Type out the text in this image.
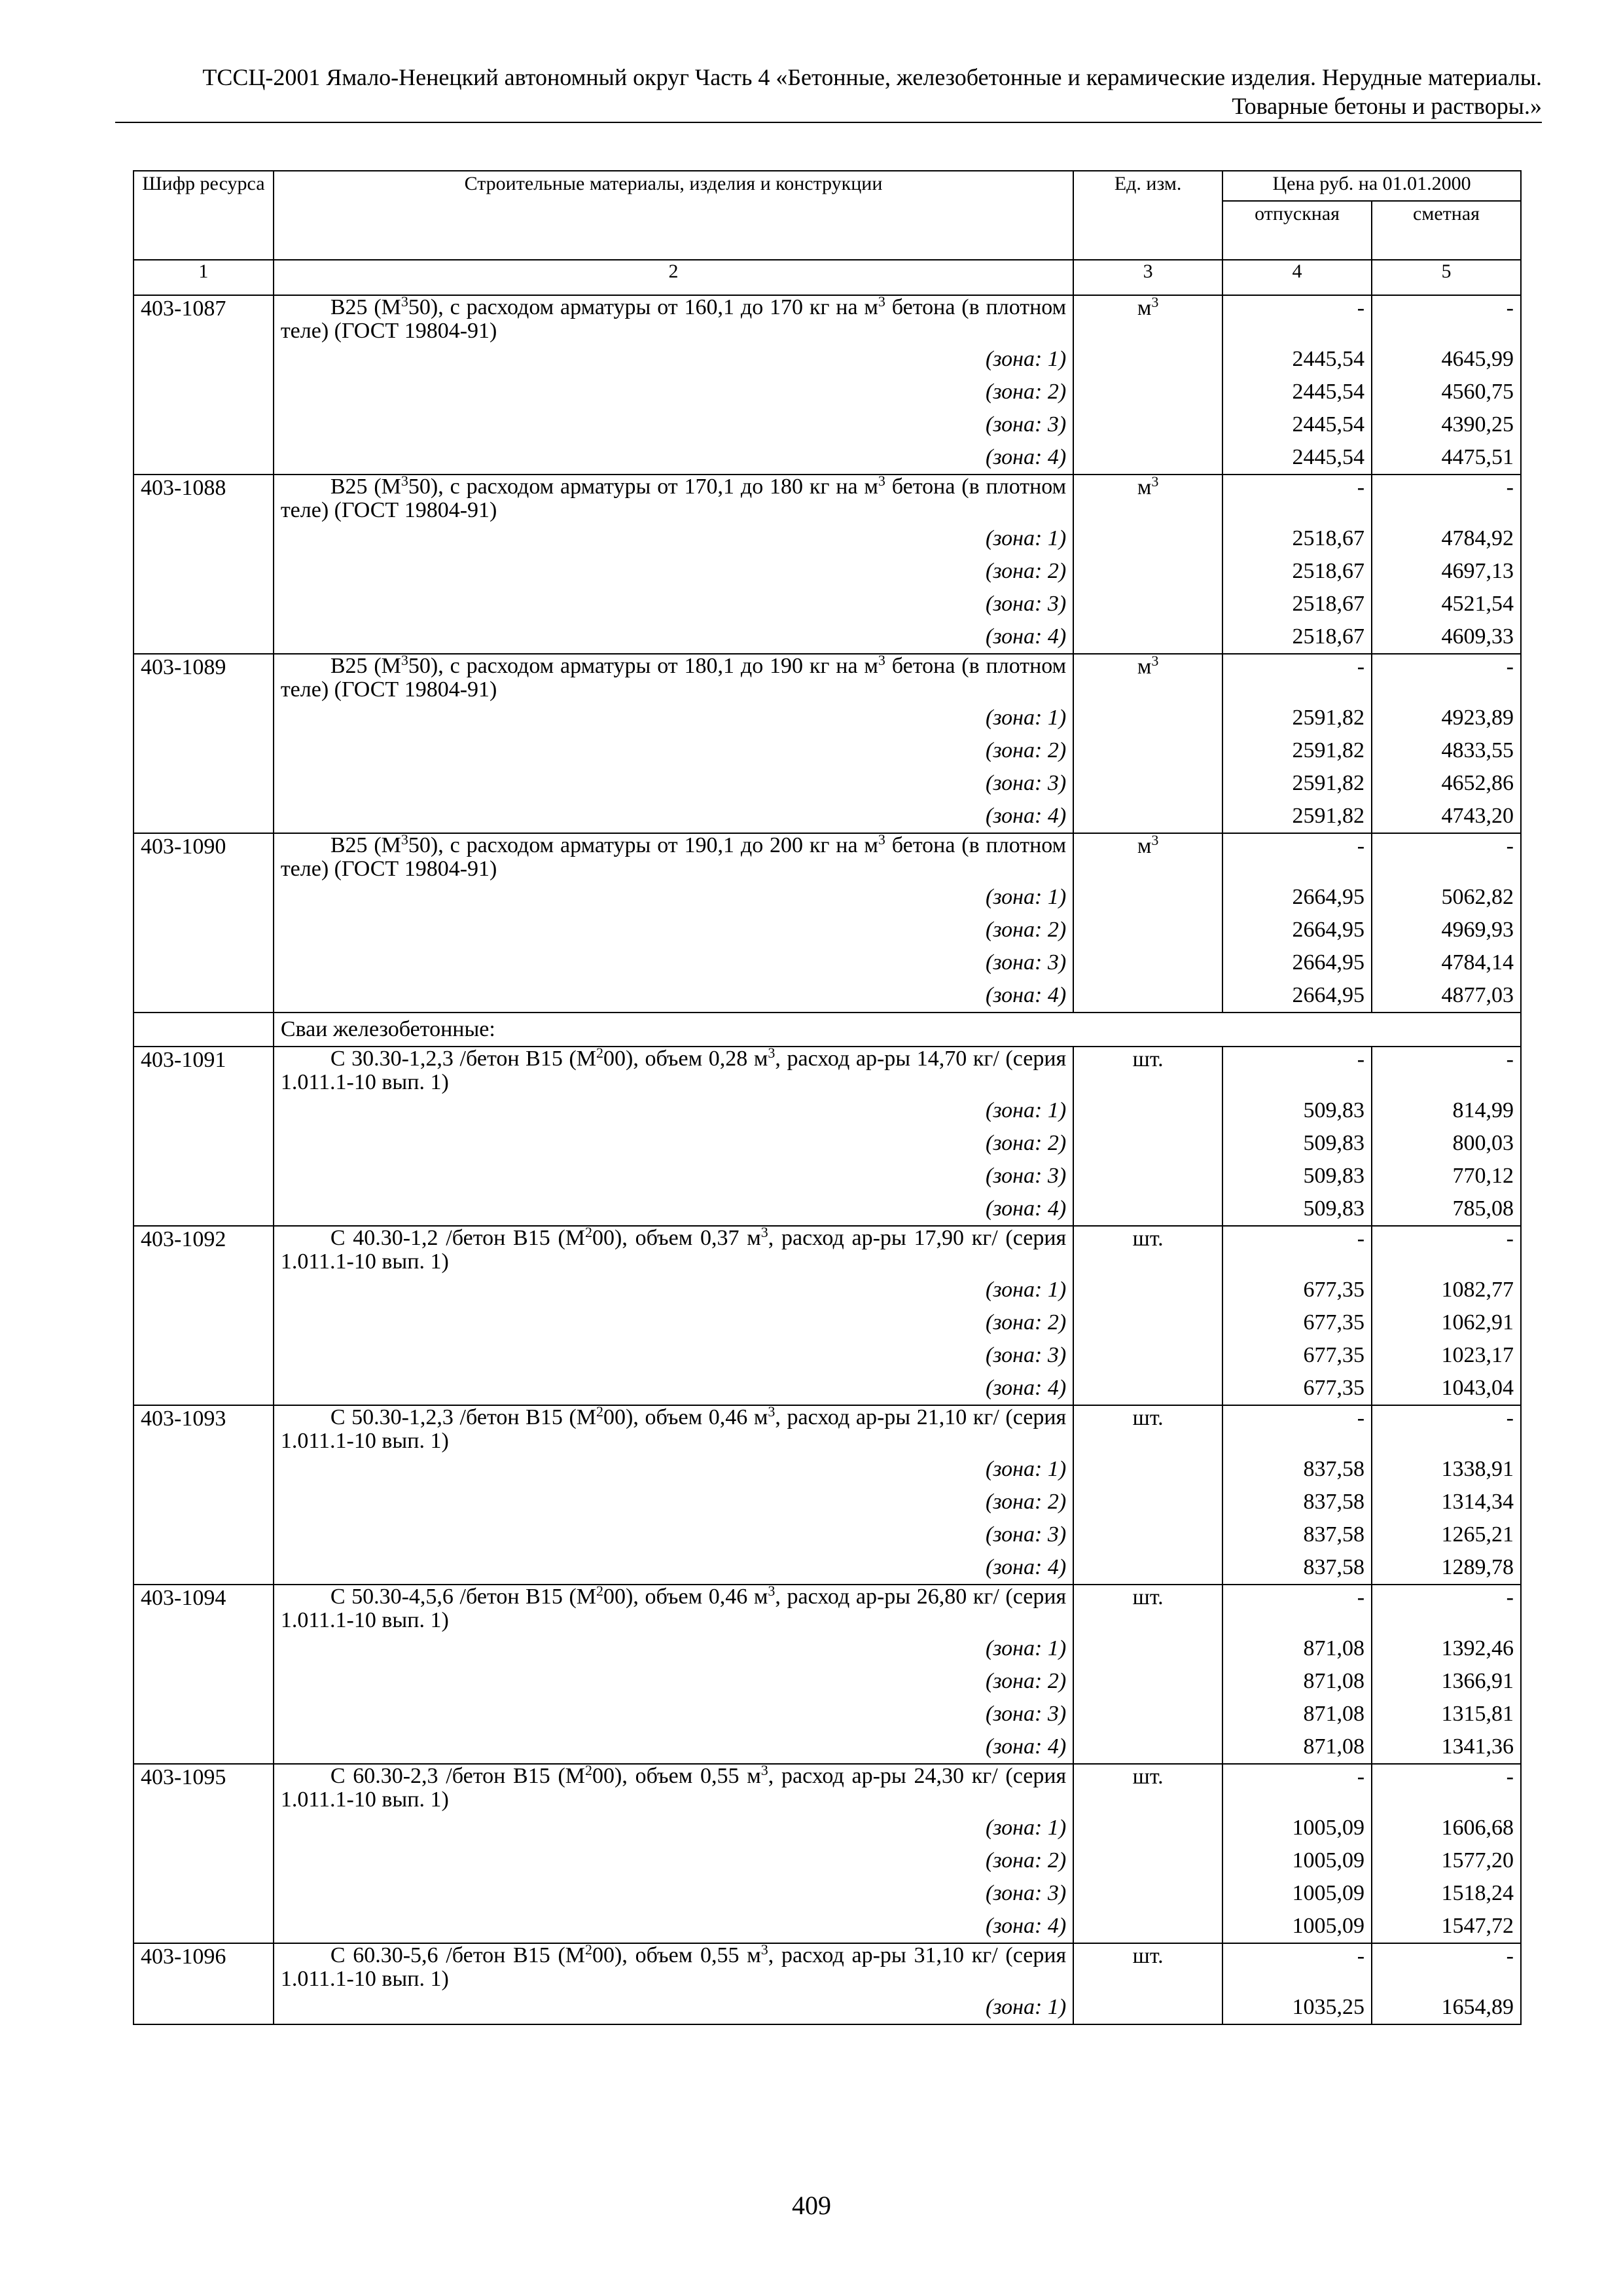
ТССЦ-2001 Ямало-Ненецкий автономный округ Часть 4 «Бетонные, железобетонные и керамические изделия. Нерудные материалы.
Товарные бетоны и растворы.»
Шифр ресурса	Строительные материалы, изделия и конструкции	Ед. изм.	Цена руб. на 01.01.2000	
			отпускная	сметная
1	2	3	4	5
403-1087	В25 $(М^350)$, с расходом арматуры от 160,1 до 170 кг на $м^3$ бетона (в плотном теле) (ГОСТ 19804-91)	$м^3$	-	-
	(зона: 1)		2445,54	4645,99
	(зона: 2)		2445,54	4560,75
	(зона: 3)		2445,54	4390,25
	(зона: 4)		2445,54	4475,51
403-1088	В25 $(М^350)$, с расходом арматуры от 170,1 до 180 кг на $м^3$ бетона (в плотном теле) (ГОСТ 19804-91)	$м^3$	-	-
	(зона: 1)		2518,67	4784,92
	(зона: 2)		2518,67	4697,13
	(зона: 3)		2518,67	4521,54
	(зона: 4)		2518,67	4609,33
403-1089	В25 $(М^350)$, с расходом арматуры от 180,1 до 190 кг на $м^3$ бетона (в плотном теле) (ГОСТ 19804-91)	$м^3$	-	-
	(зона: 1)		2591,82	4923,89
	(зона: 2)		2591,82	4833,55
	(зона: 3)		2591,82	4652,86
	(зона: 4)		2591,82	4743,20
403-1090	В25 $(М^350)$, с расходом арматуры от 190,1 до 200 кг на $м^3$ бетона (в плотном теле) (ГОСТ 19804-91)	$м^3$	-	-
	(зона: 1)		2664,95	5062,82
	(зона: 2)		2664,95	4969,93
	(зона: 3)		2664,95	4784,14
	(зона: 4)		2664,95	4877,03
	Сваи железобетонные:			
403-1091	С 30.30-1,2,3 /бетон В15 $(М^200)$, объем 0,28 $м^3$, расход ар-ры 14,70 кг/ (серия 1.011.1-10 вып. 1)	шт.	-	-
	(зона: 1)		509,83	814,99
	(зона: 2)		509,83	800,03
	(зона: 3)		509,83	770,12
	(зона: 4)		509,83	785,08
403-1092	С 40.30-1,2 /бетон В15 $(М^200)$, объем 0,37 $м^3$, расход ар-ры 17,90 кг/ (серия 1.011.1-10 вып. 1)	шт.	-	-
	(зона: 1)		677,35	1082,77
	(зона: 2)		677,35	1062,91
	(зона: 3)		677,35	1023,17
	(зона: 4)		677,35	1043,04
403-1093	С 50.30-1,2,3 /бетон В15 $(М^200)$, объем 0,46 $м^3$, расход ар-ры 21,10 кг/ (серия 1.011.1-10 вып. 1)	шт.	-	-
	(зона: 1)		837,58	1338,91
	(зона: 2)		837,58	1314,34
	(зона: 3)		837,58	1265,21
	(зона: 4)		837,58	1289,78
403-1094	С 50.30-4,5,6 /бетон В15 $(М^200)$, объем 0,46 $м^3$, расход ар-ры 26,80 кг/ (серия 1.011.1-10 вып. 1)	шт.	-	-
	(зона: 1)		871,08	1392,46
	(зона: 2)		871,08	1366,91
	(зона: 3)		871,08	1315,81
	(зона: 4)		871,08	1341,36
403-1095	С 60.30-2,3 /бетон В15 $(М^200)$, объем 0,55 $м^3$, расход ар-ры 24,30 кг/ (серия 1.011.1-10 вып. 1)	шт.	-	-
	(зона: 1)		1005,09	1606,68
	(зона: 2)		1005,09	1577,20
	(зона: 3)		1005,09	1518,24
	(зона: 4)		1005,09	1547,72
403-1096	С 60.30-5,6 /бетон В15 $(М^200)$, объем 0,55 $м^3$, расход ар-ры 31,10 кг/ (серия 1.011.1-10 вып. 1)	шт.	-	-
	(зона: 1)		1035,25	1654,89

409
